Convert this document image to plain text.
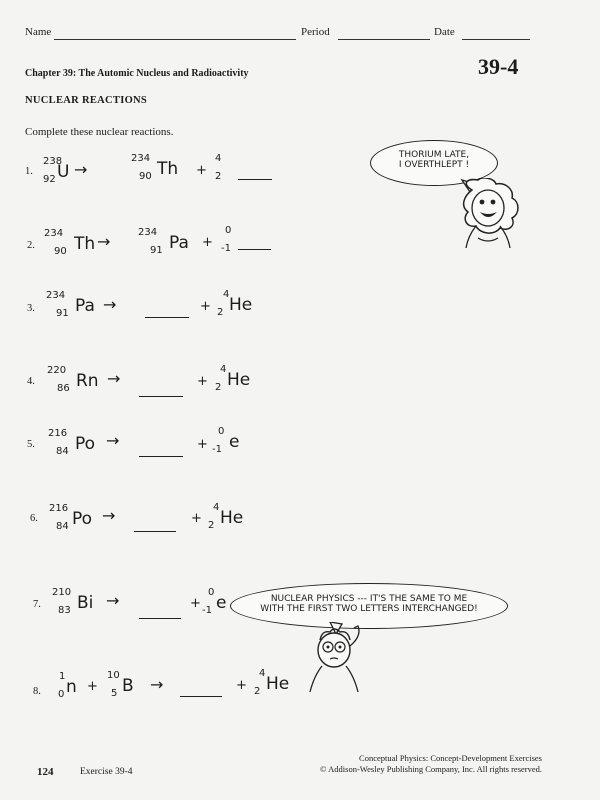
Name	Period	Date
Chapter 39: The Automic Nucleus and Radioactivity	39-4
NUCLEAR REACTIONS
Complete these nuclear reactions.
1.
238
92 U →
234
90 Th +
4
2
2.
234
90 Th →	234
91 Pa +
0
-1
3.
234
91 Pa →	+
4
2 He
4.
220
86 Rn →	+
4
2 He
5.
216
84 Po →	+
0
-1 e
6.
216
84 Po →	+
4
2 He
7.
210
83 Bi →	+
0
-1 e
8.
1
0 n +
10
5 B →	+
4
2 He
THORIUM LATE,
I OVERTHLEPT !
NUCLEAR PHYSICS --- IT'S THE SAME TO ME
WITH THE FIRST TWO LETTERS INTERCHANGED!
124	Exercise 39-4
Conceptual Physics: Concept-Development Exercises
© Addison-Wesley Publishing Company, Inc. All rights reserved.
